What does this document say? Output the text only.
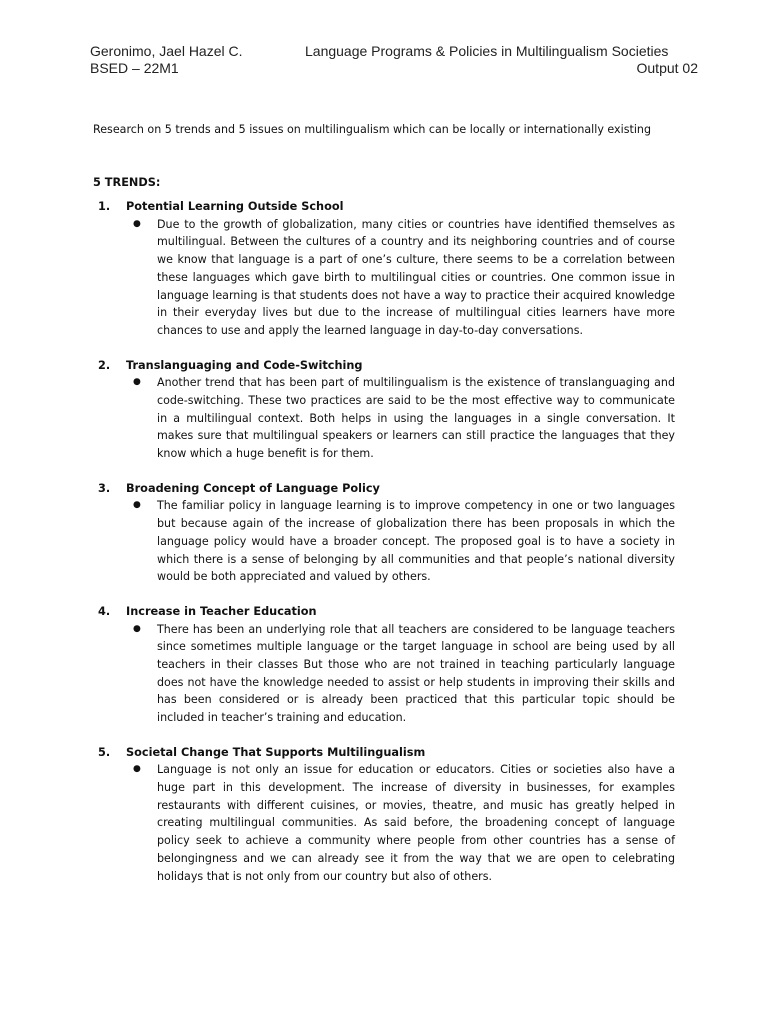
Geronimo, Jael Hazel C.	Language Programs & Policies in Multilingualism Societies
BSED – 22M1	Output 02

Research on 5 trends and 5 issues on multilingualism which can be locally or internationally existing

5 TRENDS:

1.	Potential Learning Outside School
●	Due to the growth of globalization, many cities or countries have identified themselves as multilingual. Between the cultures of a country and its neighboring countries and of course we know that language is a part of one’s culture, there seems to be a correlation between these languages which gave birth to multilingual cities or countries. One common issue in language learning is that students does not have a way to practice their acquired knowledge in their everyday lives but due to the increase of multilingual cities learners have more chances to use and apply the learned language in day-to-day conversations.
2.	Translanguaging and Code-Switching
●	Another trend that has been part of multilingualism is the existence of translanguaging and code-switching. These two practices are said to be the most effective way to communicate in a multilingual context. Both helps in using the languages in a single conversation. It makes sure that multilingual speakers or learners can still practice the languages that they know which a huge benefit is for them.
3.	Broadening Concept of Language Policy
●	The familiar policy in language learning is to improve competency in one or two languages but because again of the increase of globalization there has been proposals in which the language policy would have a broader concept. The proposed goal is to have a society in which there is a sense of belonging by all communities and that people’s national diversity would be both appreciated and valued by others.
4.	Increase in Teacher Education
●	There has been an underlying role that all teachers are considered to be language teachers since sometimes multiple language or the target language in school are being used by all teachers in their classes But those who are not trained in teaching particularly language does not have the knowledge needed to assist or help students in improving their skills and has been considered or is already been practiced that this particular topic should be included in teacher’s training and education.
5.	Societal Change That Supports Multilingualism
●	Language is not only an issue for education or educators. Cities or societies also have a huge part in this development. The increase of diversity in businesses, for examples restaurants with different cuisines, or movies, theatre, and music has greatly helped in creating multilingual communities. As said before, the broadening concept of language policy seek to achieve a community where people from other countries has a sense of belongingness and we can already see it from the way that we are open to celebrating holidays that is not only from our country but also of others.
